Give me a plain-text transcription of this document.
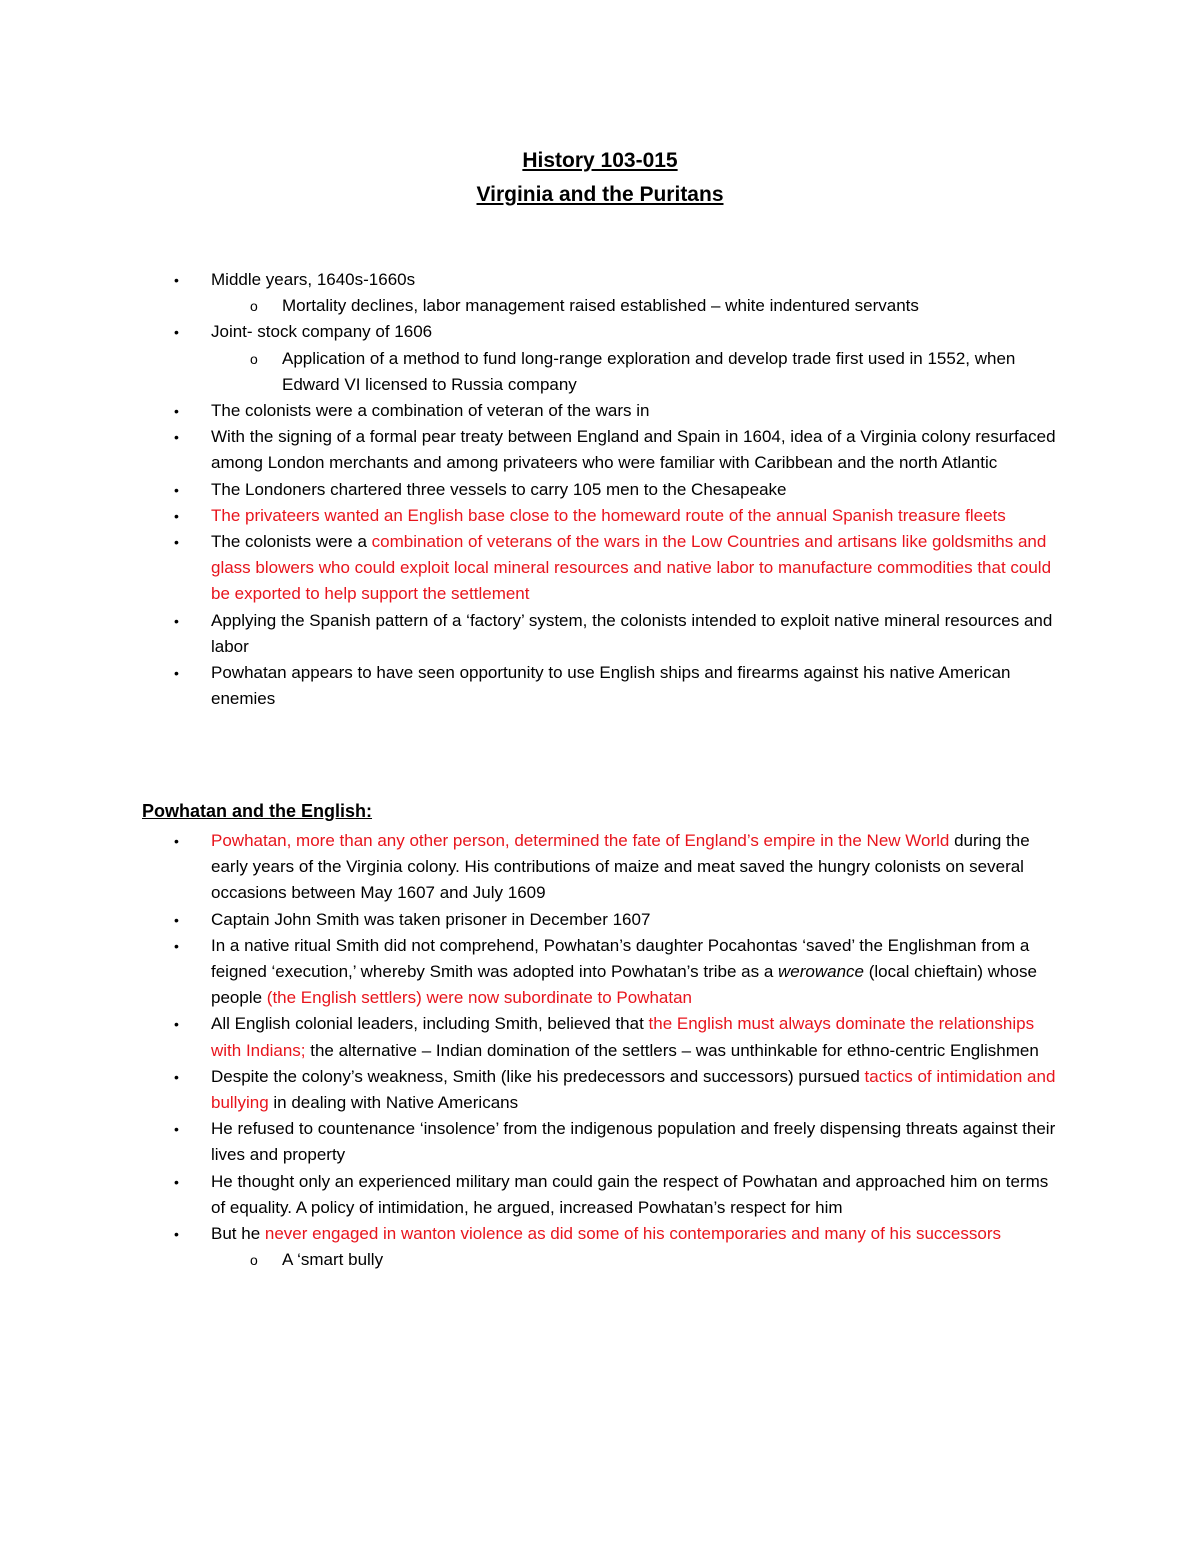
History 103-015
Virginia and the Puritans
• Middle years, 1640s-1660s
o Mortality declines, labor management raised established – white indentured servants
• Joint- stock company of 1606
o Application of a method to fund long-range exploration and develop trade first used in 1552, when Edward VI licensed to Russia company
• The colonists were a combination of veteran of the wars in
• With the signing of a formal pear treaty between England and Spain in 1604, idea of a Virginia colony resurfaced among London merchants and among privateers who were familiar with Caribbean and the north Atlantic
• The Londoners chartered three vessels to carry 105 men to the Chesapeake
• The privateers wanted an English base close to the homeward route of the annual Spanish treasure fleets
• The colonists were a combination of veterans of the wars in the Low Countries and artisans like goldsmiths and glass blowers who could exploit local mineral resources and native labor to manufacture commodities that could be exported to help support the settlement
• Applying the Spanish pattern of a ‘factory’ system, the colonists intended to exploit native mineral resources and labor
• Powhatan appears to have seen opportunity to use English ships and firearms against his native American enemies
Powhatan and the English:
• Powhatan, more than any other person, determined the fate of England’s empire in the New World during the early years of the Virginia colony. His contributions of maize and meat saved the hungry colonists on several occasions between May 1607 and July 1609
• Captain John Smith was taken prisoner in December 1607
• In a native ritual Smith did not comprehend, Powhatan’s daughter Pocahontas ‘saved’ the Englishman from a feigned ‘execution,’ whereby Smith was adopted into Powhatan’s tribe as a werowance (local chieftain) whose people (the English settlers) were now subordinate to Powhatan
• All English colonial leaders, including Smith, believed that the English must always dominate the relationships with Indians; the alternative – Indian domination of the settlers – was unthinkable for ethno-centric Englishmen
• Despite the colony’s weakness, Smith (like his predecessors and successors) pursued tactics of intimidation and bullying in dealing with Native Americans
• He refused to countenance ‘insolence’ from the indigenous population and freely dispensing threats against their lives and property
• He thought only an experienced military man could gain the respect of Powhatan and approached him on terms of equality. A policy of intimidation, he argued, increased Powhatan’s respect for him
• But he never engaged in wanton violence as did some of his contemporaries and many of his successors
o A ‘smart bully
